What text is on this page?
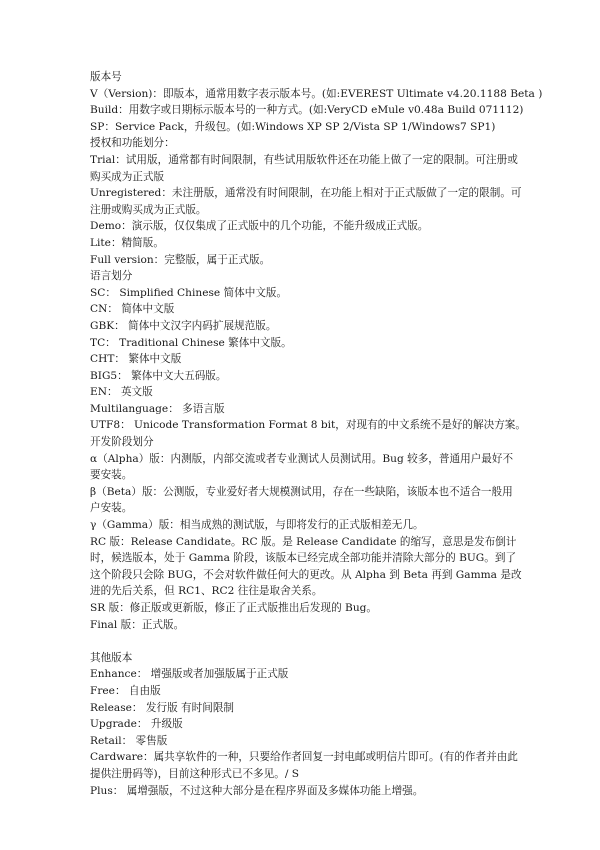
版本号
V（Version)：即版本，通常用数字表示版本号。(如:EVEREST Ultimate v4.20.1188 Beta )
Build：用数字或日期标示版本号的一种方式。(如:VeryCD eMule v0.48a Build 071112)
SP：Service Pack，升级包。(如:Windows XP SP 2/Vista SP 1/Windows7 SP1)
授权和功能划分：
Trial：试用版，通常都有时间限制，有些试用版软件还在功能上做了一定的限制。可注册或购买成为正式版
Unregistered：未注册版，通常没有时间限制，在功能上相对于正式版做了一定的限制。可注册或购买成为正式版。
Demo：演示版，仅仅集成了正式版中的几个功能，不能升级成正式版。
Lite：精简版。
Full version：完整版，属于正式版。
语言划分
SC： Simplified Chinese 简体中文版。
CN： 简体中文版
GBK： 简体中文汉字内码扩展规范版。
TC： Traditional Chinese 繁体中文版。
CHT： 繁体中文版
BIG5： 繁体中文大五码版。
EN： 英文版
Multilanguage： 多语言版
UTF8： Unicode Transformation Format 8 bit，对现有的中文系统不是好的解决方案。
开发阶段划分
α（Alpha）版：内测版，内部交流或者专业测试人员测试用。Bug 较多，普通用户最好不要安装。
β（Beta）版：公测版，专业爱好者大规模测试用，存在一些缺陷，该版本也不适合一般用户安装。
γ（Gamma）版：相当成熟的测试版，与即将发行的正式版相差无几。
RC 版：Release Candidate。RC 版。是 Release Candidate 的缩写，意思是发布倒计时，候选版本，处于 Gamma 阶段，该版本已经完成全部功能并清除大部分的 BUG。到了这个阶段只会除 BUG，不会对软件做任何大的更改。从 Alpha 到 Beta 再到 Gamma 是改进的先后关系，但 RC1、RC2 往往是取舍关系。
SR 版：修正版或更新版，修正了正式版推出后发现的 Bug。
Final 版：正式版。
其他版本
Enhance： 增强版或者加强版属于正式版
Free： 自由版
Release： 发行版 有时间限制
Upgrade： 升级版
Retail： 零售版
Cardware：属共享软件的一种，只要给作者回复一封电邮或明信片即可。(有的作者并由此提供注册码等)，目前这种形式已不多见。/ S
Plus： 属增强版，不过这种大部分是在程序界面及多媒体功能上增强。
